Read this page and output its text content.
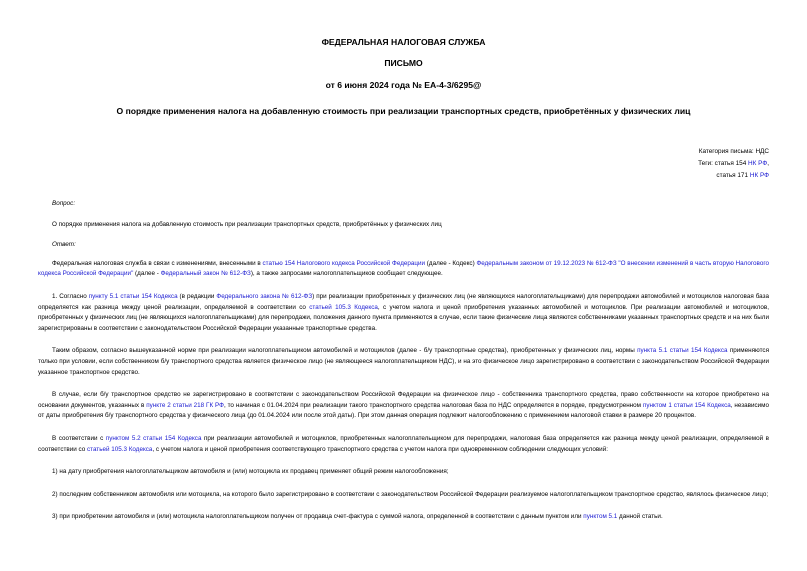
ФЕДЕРАЛЬНАЯ НАЛОГОВАЯ СЛУЖБА
ПИСЬМО
от 6 июня 2024 года № ЕА-4-3/6295@
О порядке применения налога на добавленную стоимость при реализации транспортных средств, приобретённых у физических лиц
Категория письма: НДС
Теги: статья 154 НК РФ,
статья 171 НК РФ

Вопрос:

О порядке применения налога на добавленную стоимость при реализации транспортных средств, приобретённых у физических лиц

Ответ:

Федеральная налоговая служба в связи с изменениями, внесенными в статью 154 Налогового кодекса Российской Федерации (далее - Кодекс) Федеральным законом от 19.12.2023 № 612-ФЗ "О внесении изменений в часть вторую Налогового кодекса Российской Федерации" (далее - Федеральный закон № 612-ФЗ), а также запросами налогоплательщиков сообщает следующее.

1. Согласно пункту 5.1 статьи 154 Кодекса (в редакции Федерального закона № 612-ФЗ) при реализации приобретенных у физических лиц (не являющихся налогоплательщиками) для перепродажи автомобилей и мотоциклов налоговая база определяется как разница между ценой реализации, определяемой в соответствии со статьей 105.3 Кодекса, с учетом налога и ценой приобретения указанных автомобилей и мотоциклов. При реализации автомобилей и мотоциклов, приобретенных у физических лиц (не являющихся налогоплательщиками) для перепродажи, положения данного пункта применяются в случае, если такие физические лица являются собственниками указанных транспортных средств и на них были зарегистрированы в соответствии с законодательством Российской Федерации указанные транспортные средства.

Таким образом, согласно вышеуказанной норме при реализации налогоплательщиком автомобилей и мотоциклов (далее - б/у транспортные средства), приобретенных у физических лиц, нормы пункта 5.1 статьи 154 Кодекса применяются только при условии, если собственником б/у транспортного средства является физическое лицо (не являющееся налогоплательщиком НДС), и на это физическое лицо зарегистрировано в соответствии с законодательством Российской Федерации указанное транспортное средство.

В случае, если б/у транспортное средство не зарегистрировано в соответствии с законодательством Российской Федерации на физическое лицо - собственника транспортного средства, право собственности на которое приобретено на основании документов, указанных в пункте 2 статьи 218 ГК РФ, то начиная с 01.04.2024 при реализации такого транспортного средства налоговая база по НДС определяется в порядке, предусмотренном пунктом 1 статьи 154 Кодекса, независимо от даты приобретения б/у транспортного средства у физического лица (до 01.04.2024 или после этой даты). При этом данная операция подлежит налогообложению с применением налоговой ставки в размере 20 процентов.

В соответствии с пунктом 5.2 статьи 154 Кодекса при реализации автомобилей и мотоциклов, приобретенных налогоплательщиком для перепродажи, налоговая база определяется как разница между ценой реализации, определяемой в соответствии со статьей 105.3 Кодекса, с учетом налога и ценой приобретения соответствующего транспортного средства с учетом налога при одновременном соблюдении следующих условий:

1) на дату приобретения налогоплательщиком автомобиля и (или) мотоцикла их продавец применяет общий режим налогообложения;

2) последним собственником автомобиля или мотоцикла, на которого было зарегистрировано в соответствии с законодательством Российской Федерации реализуемое налогоплательщиком транспортное средство, являлось физическое лицо;

3) при приобретении автомобиля и (или) мотоцикла налогоплательщиком получен от продавца счет-фактура с суммой налога, определенной в соответствии с данным пунктом или пунктом 5.1 данной статьи.
